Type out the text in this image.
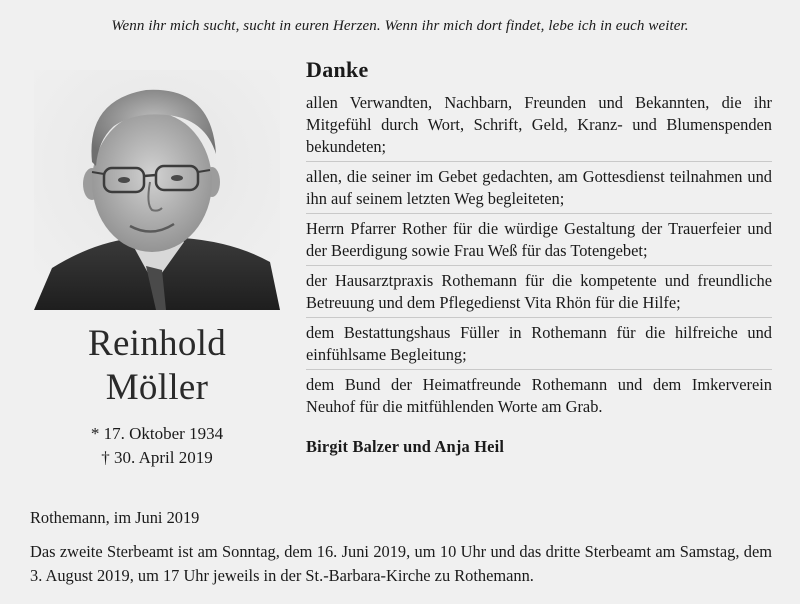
Wenn ihr mich sucht, sucht in euren Herzen. Wenn ihr mich dort findet, lebe ich in euch weiter.
Reinhold
Möller
* 17. Oktober 1934
† 30. April 2019
Danke

allen Verwandten, Nachbarn, Freunden und Bekannten, die ihr Mitgefühl durch Wort, Schrift, Geld, Kranz- und Blumenspenden bekundeten;

allen, die seiner im Gebet gedachten, am Gottesdienst teilnahmen und ihn auf seinem letzten Weg begleiteten;

Herrn Pfarrer Rother für die würdige Gestaltung der Trauerfeier und der Beerdigung sowie Frau Weß für das Totengebet;

der Hausarztpraxis Rothemann für die kompetente und freundliche Betreuung und dem Pflegedienst Vita Rhön für die Hilfe;

dem Bestattungshaus Füller in Rothemann für die hilfreiche und einfühlsame Begleitung;

dem Bund der Heimatfreunde Rothemann und dem Imkerverein Neuhof für die mitfühlenden Worte am Grab.

Birgit Balzer und Anja Heil
Rothemann, im Juni 2019
Das zweite Sterbeamt ist am Sonntag, dem 16. Juni 2019, um 10 Uhr und das dritte Sterbeamt am Samstag, dem 3. August 2019, um 17 Uhr jeweils in der St.-Barbara-Kirche zu Rothemann.
